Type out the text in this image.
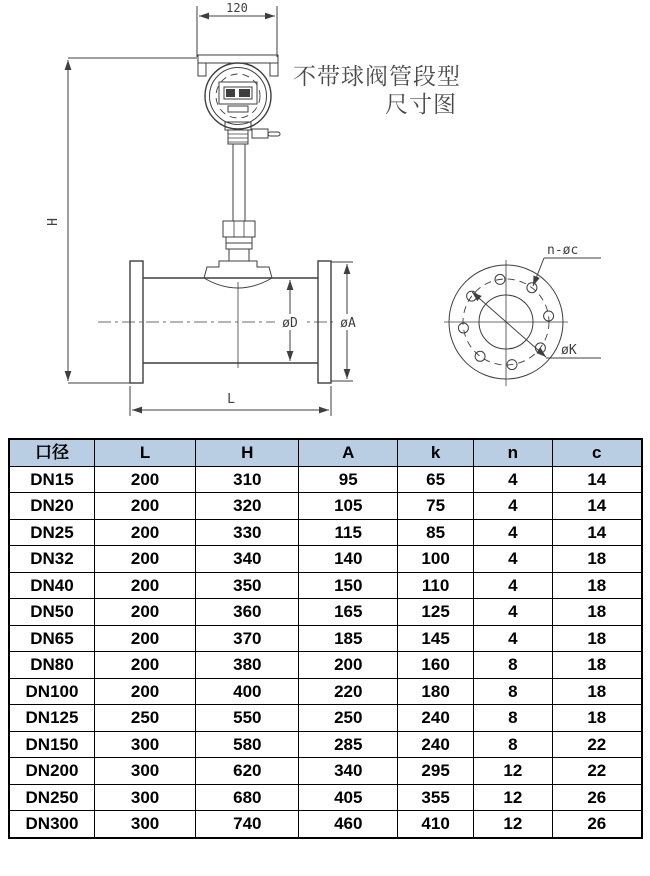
120
H
øD	øA
L
不带球阀管段型
尺寸图
øK
n-øc
口径	L	H	A	k	n	c
DN15	200	310	95	65	4	14
DN20	200	320	105	75	4	14
DN25	200	330	115	85	4	14
DN32	200	340	140	100	4	18
DN40	200	350	150	110	4	18
DN50	200	360	165	125	4	18
DN65	200	370	185	145	4	18
DN80	200	380	200	160	8	18
DN100	200	400	220	180	8	18
DN125	250	550	250	240	8	18
DN150	300	580	285	240	8	22
DN200	300	620	340	295	12	22
DN250	300	680	405	355	12	26
DN300	300	740	460	410	12	26
